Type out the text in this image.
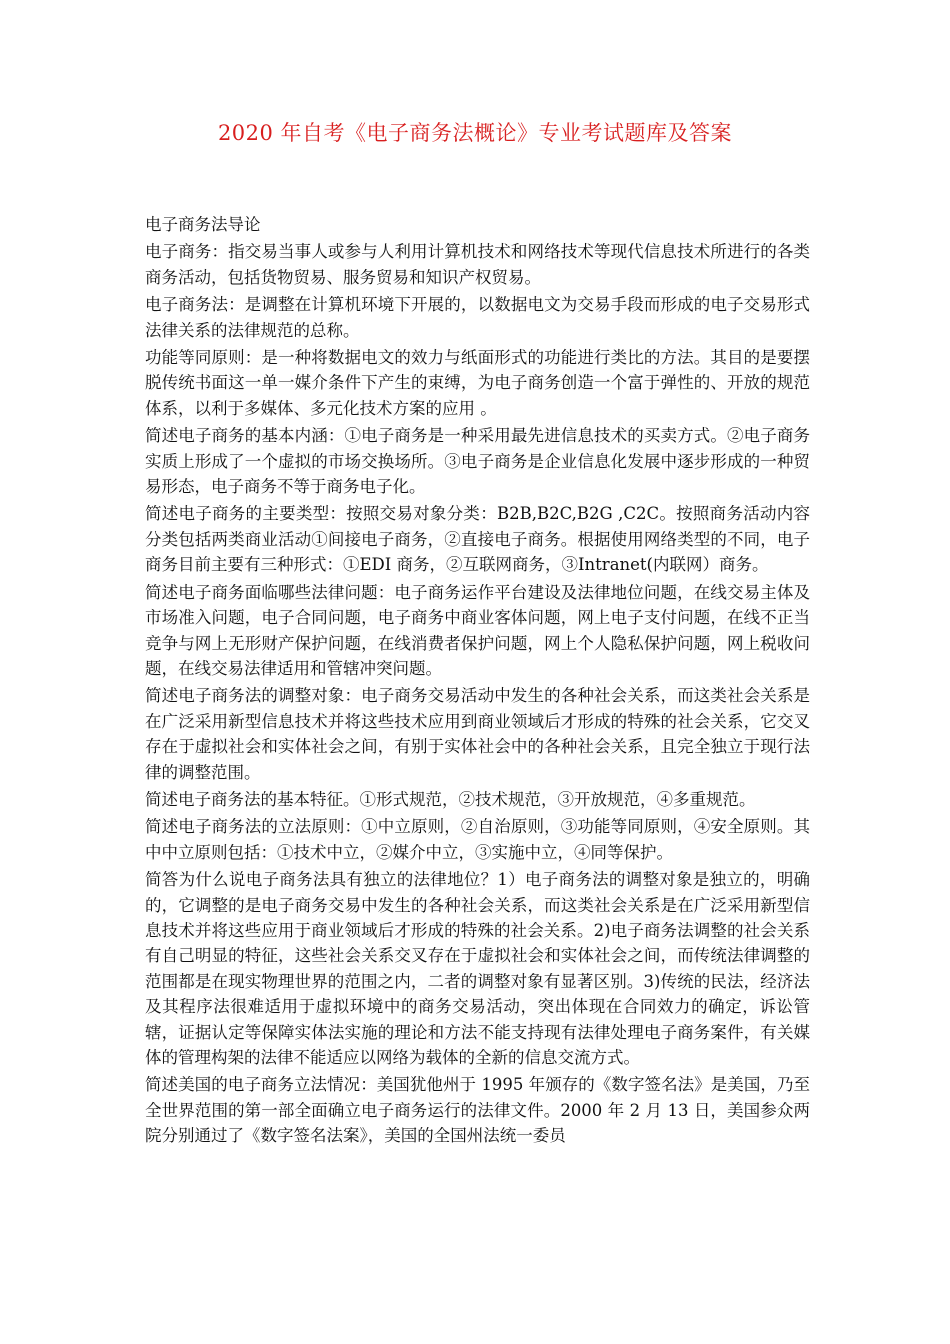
2020 年自考《电子商务法概论》专业考试题库及答案

电子商务法导论

电子商务：指交易当事人或参与人利用计算机技术和网络技术等现代信息技术所进行的各类商务活动，包括货物贸易、服务贸易和知识产权贸易。

电子商务法：是调整在计算机环境下开展的，以数据电文为交易手段而形成的电子交易形式法律关系的法律规范的总称。

功能等同原则：是一种将数据电文的效力与纸面形式的功能进行类比的方法。其目的是要摆脱传统书面这一单一媒介条件下产生的束缚，为电子商务创造一个富于弹性的、开放的规范体系，以利于多媒体、多元化技术方案的应用 。

简述电子商务的基本内涵：①电子商务是一种采用最先进信息技术的买卖方式。②电子商务实质上形成了一个虚拟的市场交换场所。③电子商务是企业信息化发展中逐步形成的一种贸易形态，电子商务不等于商务电子化。

简述电子商务的主要类型：按照交易对象分类：B2B,B2C,B2G ,C2C。按照商务活动内容分类包括两类商业活动①间接电子商务，②直接电子商务。根据使用网络类型的不同，电子商务目前主要有三种形式：①EDI 商务，②互联网商务，③Intranet(内联网）商务。

简述电子商务面临哪些法律问题：电子商务运作平台建设及法律地位问题，在线交易主体及市场准入问题，电子合同问题，电子商务中商业客体问题，网上电子支付问题，在线不正当竞争与网上无形财产保护问题，在线消费者保护问题，网上个人隐私保护问题，网上税收问题，在线交易法律适用和管辖冲突问题。

简述电子商务法的调整对象：电子商务交易活动中发生的各种社会关系，而这类社会关系是在广泛采用新型信息技术并将这些技术应用到商业领域后才形成的特殊的社会关系，它交叉存在于虚拟社会和实体社会之间，有别于实体社会中的各种社会关系，且完全独立于现行法律的调整范围。

简述电子商务法的基本特征。①形式规范，②技术规范，③开放规范，④多重规范。

简述电子商务法的立法原则：①中立原则，②自治原则，③功能等同原则，④安全原则。其中中立原则包括：①技术中立，②媒介中立，③实施中立，④同等保护。

简答为什么说电子商务法具有独立的法律地位？1）电子商务法的调整对象是独立的，明确的，它调整的是电子商务交易中发生的各种社会关系，而这类社会关系是在广泛采用新型信息技术并将这些应用于商业领域后才形成的特殊的社会关系。2)电子商务法调整的社会关系有自己明显的特征，这些社会关系交叉存在于虚拟社会和实体社会之间，而传统法律调整的范围都是在现实物理世界的范围之内，二者的调整对象有显著区别。3)传统的民法，经济法及其程序法很难适用于虚拟环境中的商务交易活动，突出体现在合同效力的确定，诉讼管辖，证据认定等保障实体法实施的理论和方法不能支持现有法律处理电子商务案件，有关媒体的管理构架的法律不能适应以网络为载体的全新的信息交流方式。

简述美国的电子商务立法情况：美国犹他州于 1995 年颁存的《数字签名法》是美国，乃至全世界范围的第一部全面确立电子商务运行的法律文件。2000 年 2 月 13 日，美国参众两院分别通过了《数字签名法案》，美国的全国州法统一委员
